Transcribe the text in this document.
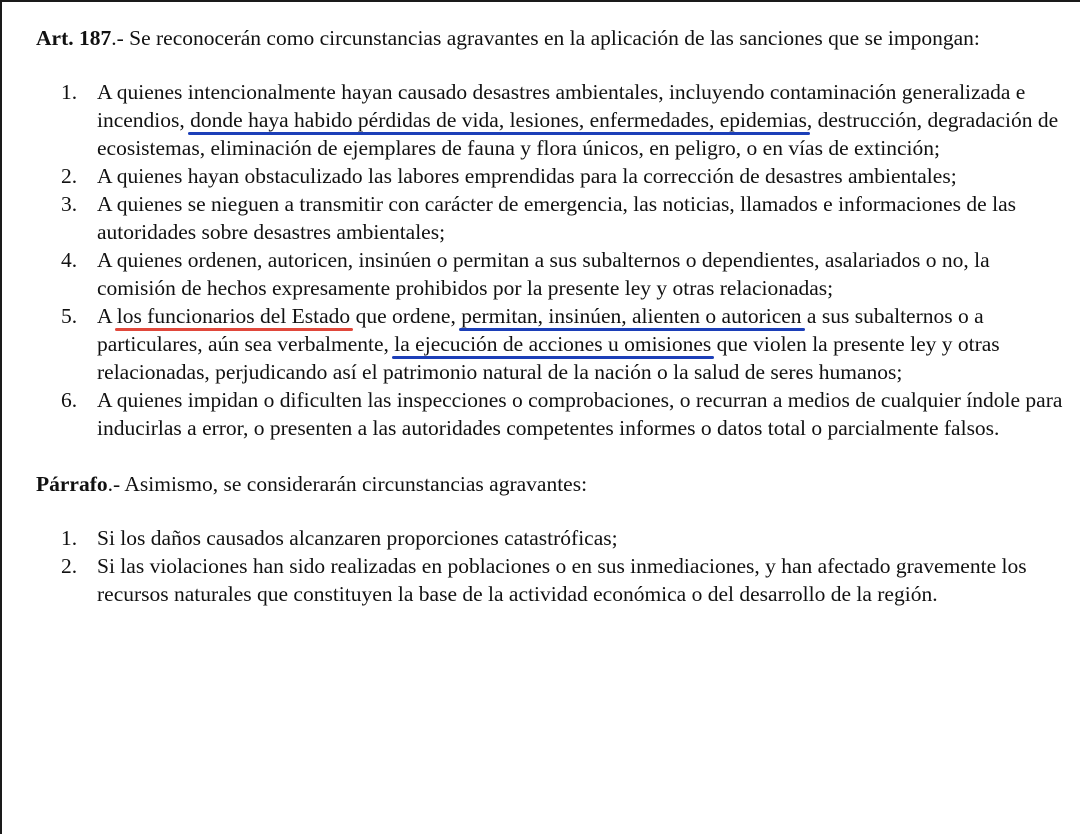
Art. 187.- Se reconocerán como circunstancias agravantes en la aplicación de las sanciones que se impongan:

1. A quienes intencionalmente hayan causado desastres ambientales, incluyendo contaminación generalizada e incendios, donde haya habido pérdidas de vida, lesiones, enfermedades, epidemias, destrucción, degradación de ecosistemas, eliminación de ejemplares de fauna y flora únicos, en peligro, o en vías de extinción;
2. A quienes hayan obstaculizado las labores emprendidas para la corrección de desastres ambientales;
3. A quienes se nieguen a transmitir con carácter de emergencia, las noticias, llamados e informaciones de las autoridades sobre desastres ambientales;
4. A quienes ordenen, autoricen, insinúen o permitan a sus subalternos o dependientes, asalariados o no, la comisión de hechos expresamente prohibidos por la presente ley y otras relacionadas;
5. A los funcionarios del Estado que ordene, permitan, insinúen, alienten o autoricen a sus subalternos o a particulares, aún sea verbalmente, la ejecución de acciones u omisiones que violen la presente ley y otras relacionadas, perjudicando así el patrimonio natural de la nación o la salud de seres humanos;
6. A quienes impidan o dificulten las inspecciones o comprobaciones, o recurran a medios de cualquier índole para inducirlas a error, o presenten a las autoridades competentes informes o datos total o parcialmente falsos.

Párrafo.- Asimismo, se considerarán circunstancias agravantes:

1. Si los daños causados alcanzaren proporciones catastróficas;
2. Si las violaciones han sido realizadas en poblaciones o en sus inmediaciones, y han afectado gravemente los recursos naturales que constituyen la base de la actividad económica o del desarrollo de la región.
